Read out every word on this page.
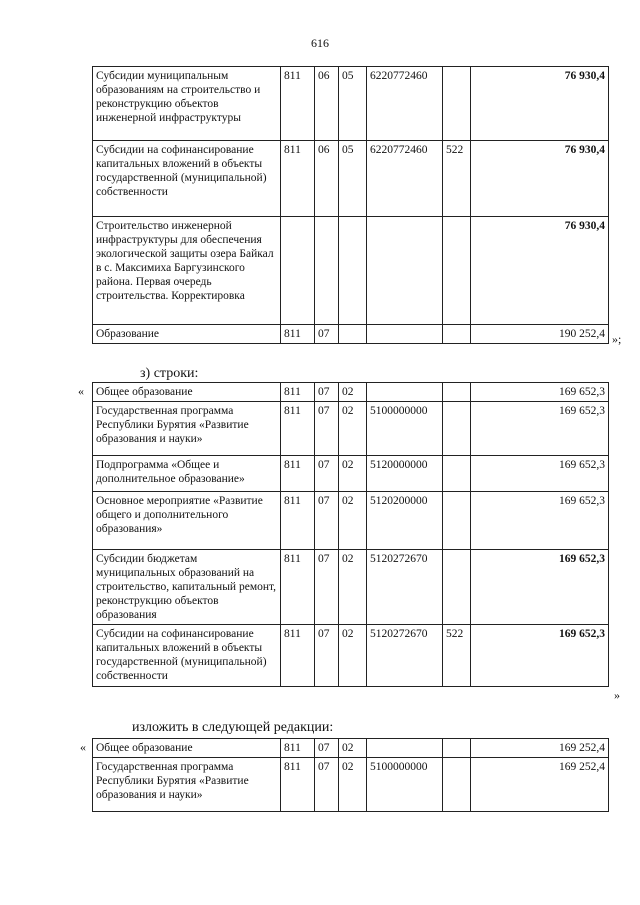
616
Субсидии муниципальным образованиям на строительство и реконструкцию объектов инженерной инфраструктуры	811	06	05	6220772460		76 930,4
Субсидии на софинансирование капитальных вложений в объекты государственной (муниципальной) собственности	811	06	05	6220772460	522	76 930,4
Строительство инженерной инфраструктуры для обеспечения экологической защиты озера Байкал в с. Максимиха Баргузинского района. Первая очередь строительства. Корректировка						76 930,4
Образование	811	07				190 252,4 »;
з) строки:
« Общее образование	811	07	02			169 652,3
Государственная программа Республики Бурятия «Развитие образования и науки»	811	07	02	5100000000		169 652,3
Подпрограмма «Общее и дополнительное образование»	811	07	02	5120000000		169 652,3
Основное мероприятие «Развитие общего и дополнительного образования»	811	07	02	5120200000		169 652,3
Субсидии бюджетам муниципальных образований на строительство, капитальный ремонт, реконструкцию объектов образования	811	07	02	5120272670		169 652,3
Субсидии на софинансирование капитальных вложений в объекты государственной (муниципальной) собственности	811	07	02	5120272670	522	169 652,3
»
изложить в следующей редакции:
« Общее образование	811	07	02			169 252,4
Государственная программа Республики Бурятия «Развитие образования и науки»	811	07	02	5100000000		169 252,4
